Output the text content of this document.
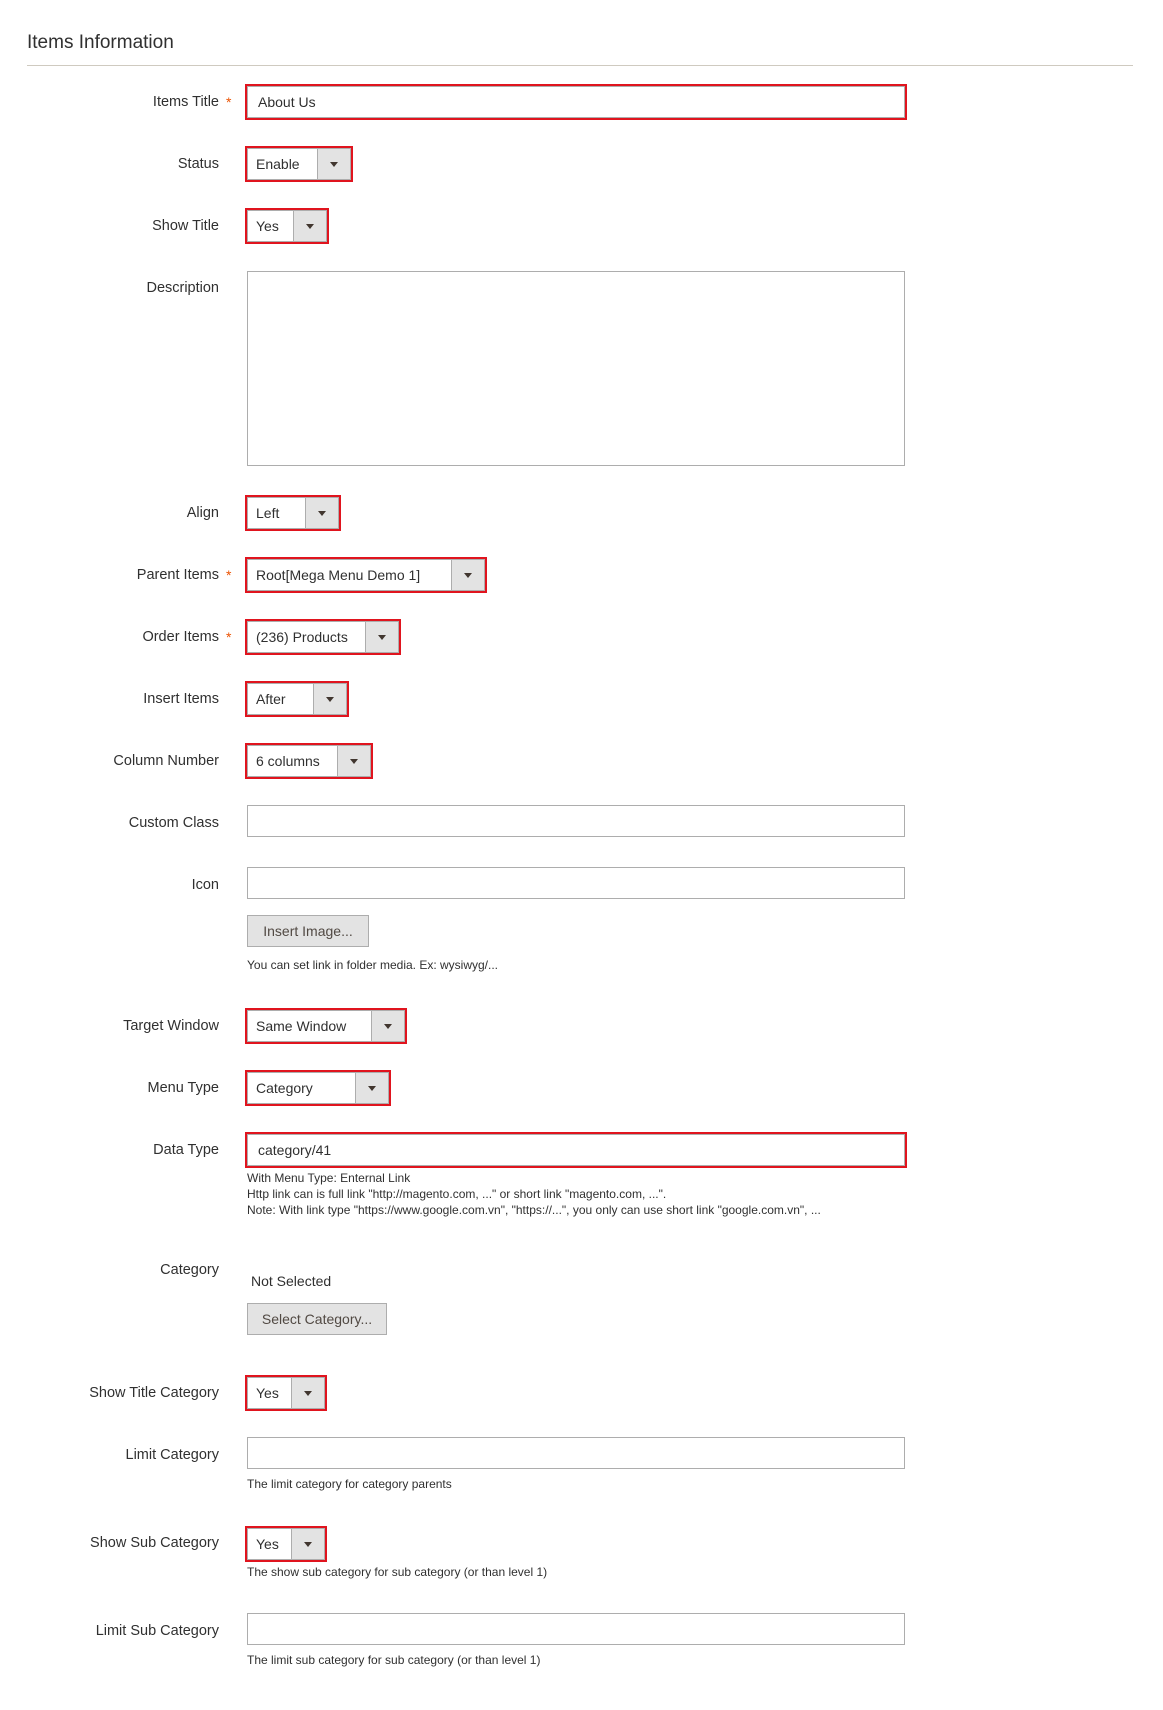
Items Information
Items Title *	About Us
Status	Enable
Show Title	Yes
Description
Align	Left
Parent Items *	Root[Mega Menu Demo 1]
Order Items *	(236) Products
Insert Items	After
Column Number	6 columns
Custom Class
Icon
Insert Image...
You can set link in folder media. Ex: wysiwyg/...
Target Window	Same Window
Menu Type	Category
Data Type	category/41
With Menu Type: Enternal Link
Http link can is full link "http://magento.com, ..." or short link "magento.com, ...".
Note: With link type "https://www.google.com.vn", "https://...", you only can use short link "google.com.vn", ...
Category
Not Selected
Select Category...
Show Title Category	Yes
Limit Category
The limit category for category parents
Show Sub Category	Yes
The show sub category for sub category (or than level 1)
Limit Sub Category
The limit sub category for sub category (or than level 1)
